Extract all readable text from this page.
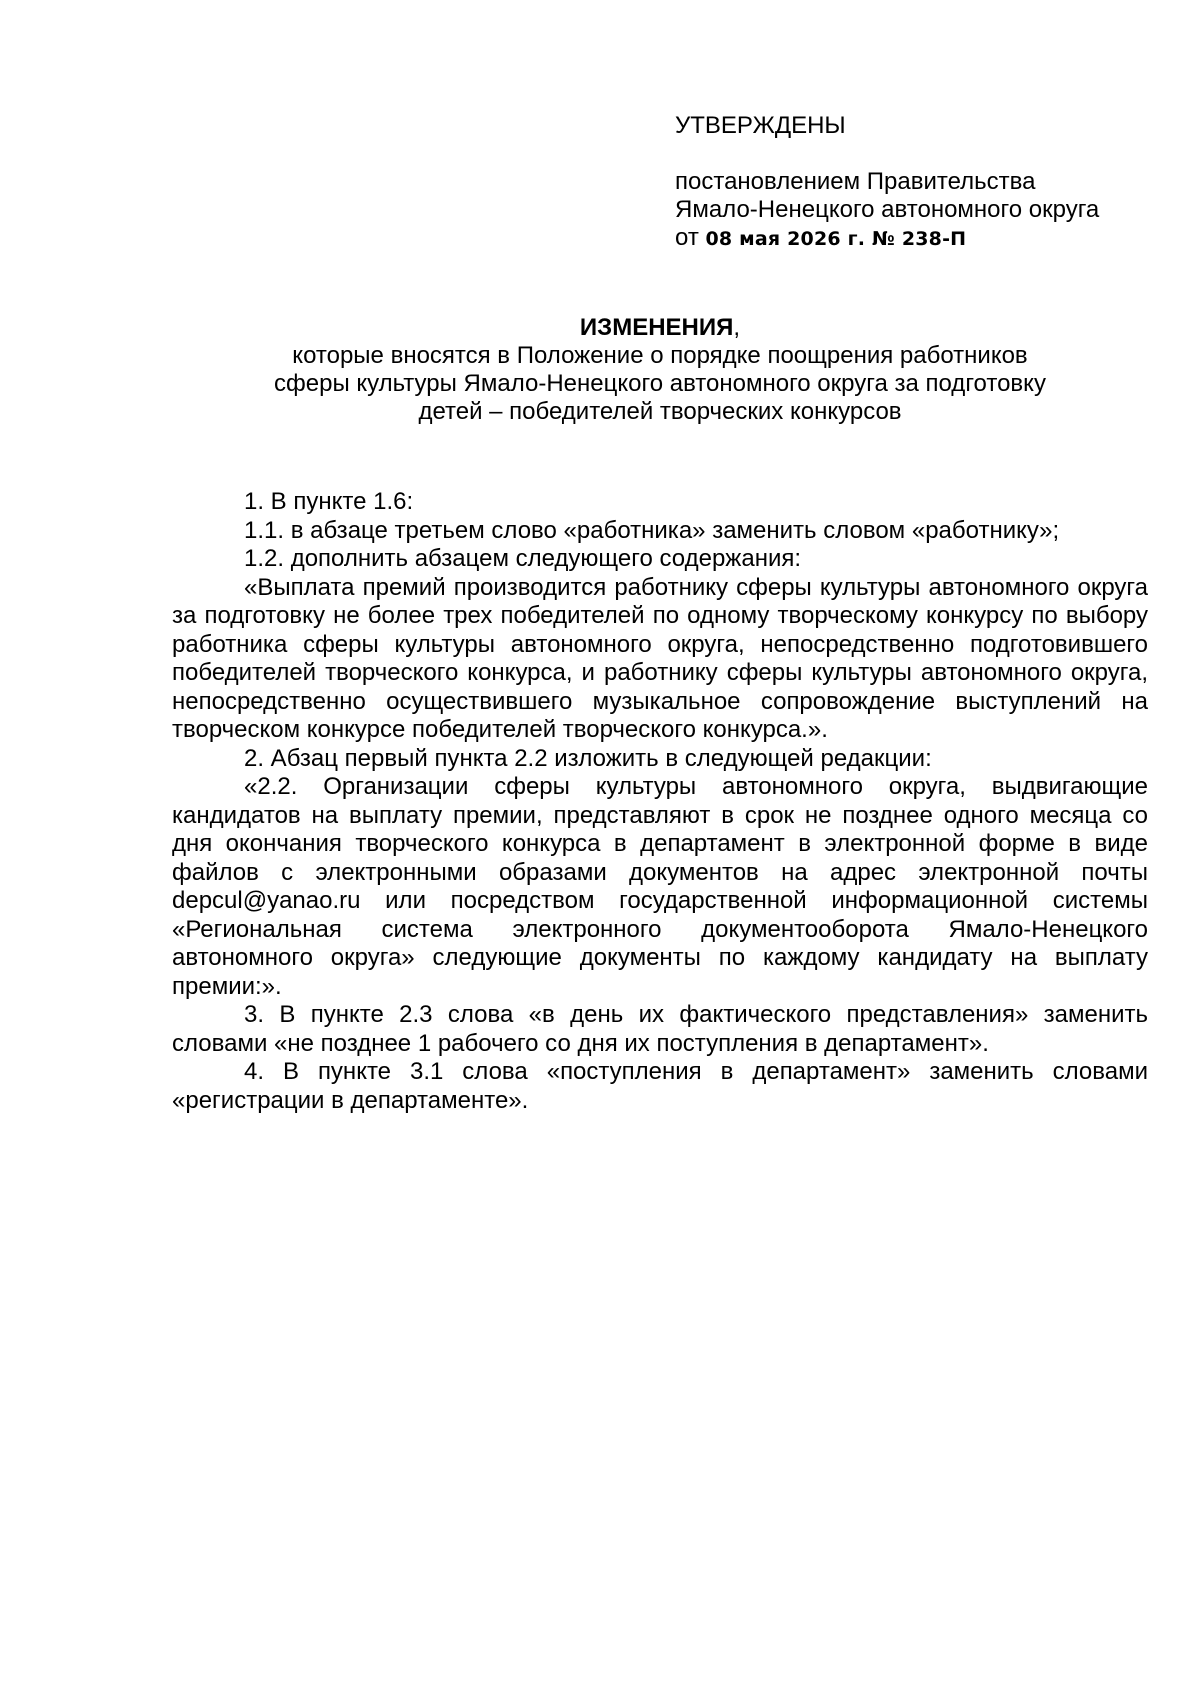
УТВЕРЖДЕНЫ
постановлением Правительства
Ямало-Ненецкого автономного округа
от 08 мая 2026 г. № 238-П
ИЗМЕНЕНИЯ,
которые вносятся в Положение о порядке поощрения работников
сферы культуры Ямало-Ненецкого автономного округа за подготовку
детей – победителей творческих конкурсов

1. В пункте 1.6:

1.1. в абзаце третьем слово «работника» заменить словом «работнику»;

1.2. дополнить абзацем следующего содержания:

«Выплата премий производится работнику сферы культуры автономного округа за подготовку не более трех победителей по одному творческому конкурсу по выбору работника сферы культуры автономного округа, непосредственно подготовившего победителей творческого конкурса, и работнику сферы культуры автономного округа, непосредственно осуществившего музыкальное сопровождение выступлений на творческом конкурсе победителей творческого конкурса.».

2. Абзац первый пункта 2.2 изложить в следующей редакции:

«2.2. Организации сферы культуры автономного округа, выдвигающие кандидатов на выплату премии, представляют в срок не позднее одного месяца со дня окончания творческого конкурса в департамент в электронной форме в виде файлов с электронными образами документов на адрес электронной почты depcul@yanao.ru или посредством государственной информационной системы «Региональная система электронного документооборота Ямало-Ненецкого автономного округа» следующие документы по каждому кандидату на выплату премии:».

3. В пункте 2.3 слова «в день их фактического представления» заменить словами «не позднее 1 рабочего со дня их поступления в департамент».

4. В пункте 3.1 слова «поступления в департамент» заменить словами «регистрации в департаменте».
